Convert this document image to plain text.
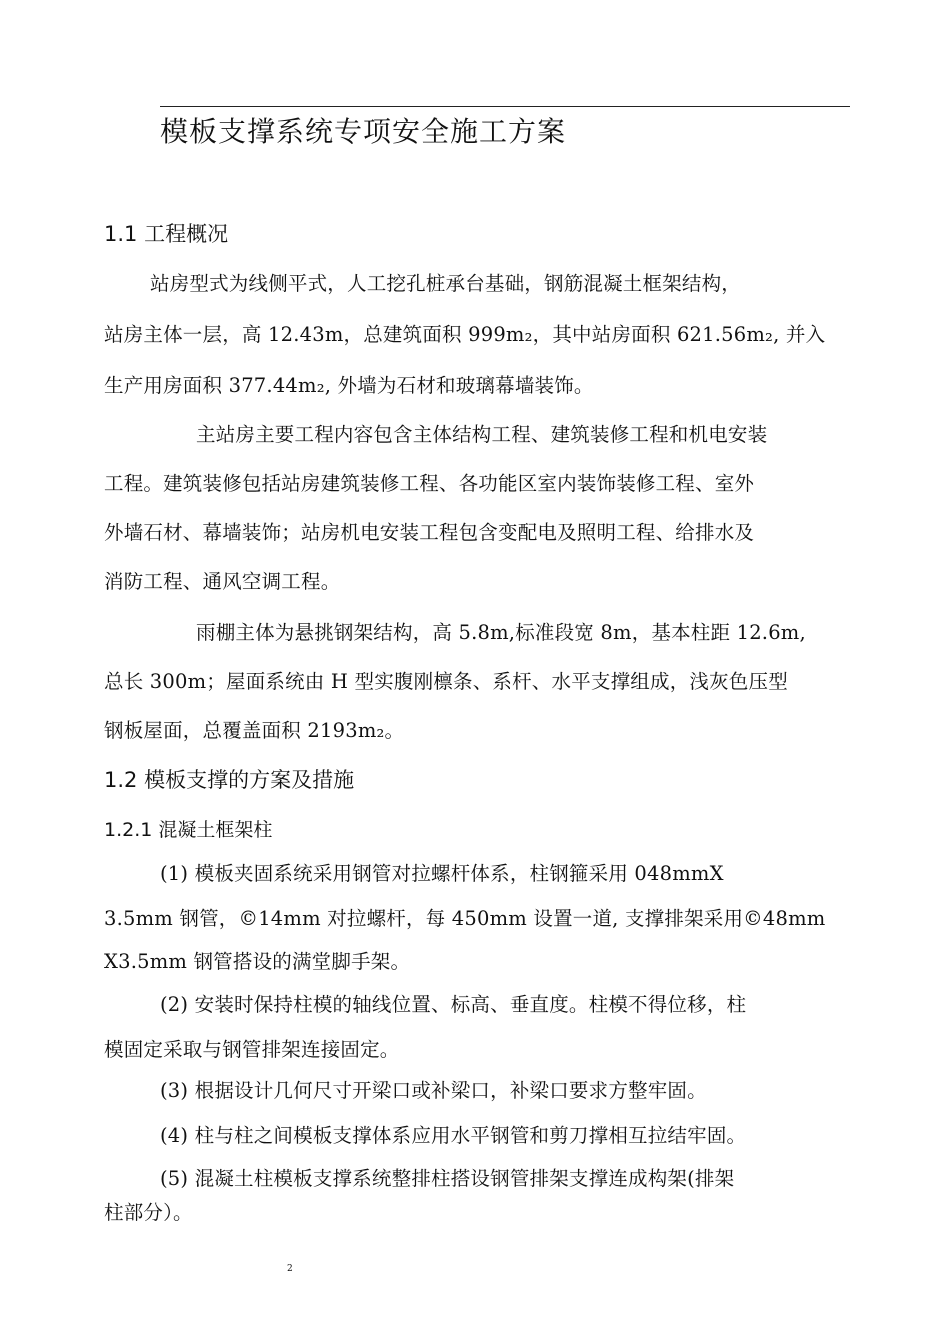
模板支撑系统专项安全施工方案
1.1 工程概况
站房型式为线侧平式，人工挖孔桩承台基础，钢筋混凝土框架结构，
站房主体一层，高 12.43m，总建筑面积 999m₂，其中站房面积 621.56m₂, 并入
生产用房面积 377.44m₂, 外墙为石材和玻璃幕墙装饰。
主站房主要工程内容包含主体结构工程、建筑装修工程和机电安装
工程。建筑装修包括站房建筑装修工程、各功能区室内装饰装修工程、室外
外墙石材、幕墙装饰；站房机电安装工程包含变配电及照明工程、给排水及
消防工程、通风空调工程。
雨棚主体为悬挑钢架结构，高 5.8m,标准段宽 8m，基本柱距 12.6m,
总长 300m；屋面系统由 H 型实腹刚檩条、系杆、水平支撑组成，浅灰色压型
钢板屋面，总覆盖面积 2193m₂。
1.2 模板支撑的方案及措施
1.2.1 混凝土框架柱
(1) 模板夹固系统采用钢管对拉螺杆体系，柱钢箍采用 048mmX
3.5mm 钢管，©14mm 对拉螺杆，每 450mm 设置一道, 支撑排架采用©48mm
X3.5mm 钢管搭设的满堂脚手架。
(2) 安装时保持柱模的轴线位置、标高、垂直度。柱模不得位移，柱
模固定采取与钢管排架连接固定。
(3) 根据设计几何尺寸开梁口或补梁口，补梁口要求方整牢固。
(4) 柱与柱之间模板支撑体系应用水平钢管和剪刀撑相互拉结牢固。
(5) 混凝土柱模板支撑系统整排柱搭设钢管排架支撑连成构架(排架
柱部分）。
2
